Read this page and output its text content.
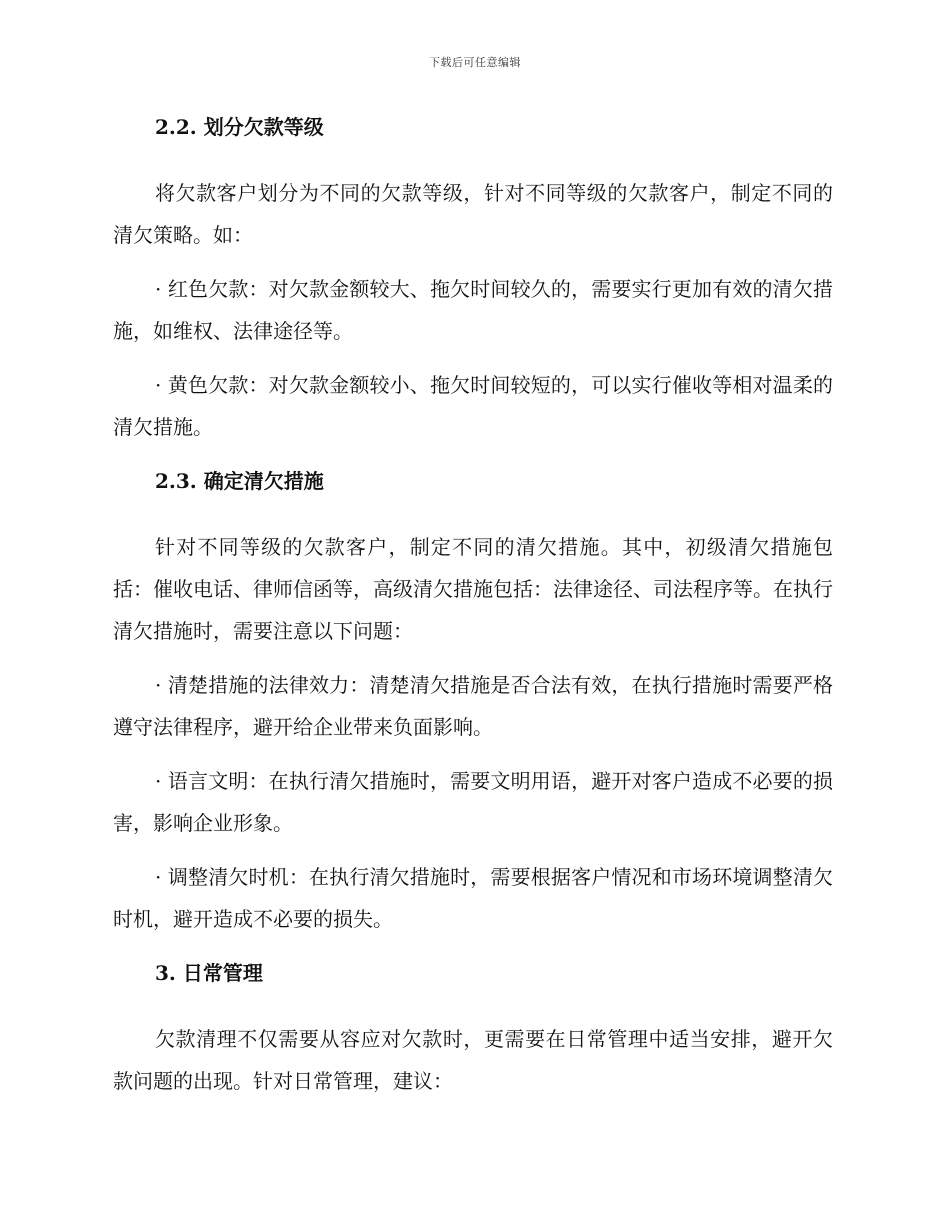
下载后可任意编辑
2.2. 划分欠款等级

将欠款客户划分为不同的欠款等级，针对不同等级的欠款客户，制定不同的清欠策略。如：

· 红色欠款：对欠款金额较大、拖欠时间较久的，需要实行更加有效的清欠措施，如维权、法律途径等。

· 黄色欠款：对欠款金额较小、拖欠时间较短的，可以实行催收等相对温柔的清欠措施。

2.3. 确定清欠措施

针对不同等级的欠款客户，制定不同的清欠措施。其中，初级清欠措施包括：催收电话、律师信函等，高级清欠措施包括：法律途径、司法程序等。在执行清欠措施时，需要注意以下问题：

· 清楚措施的法律效力：清楚清欠措施是否合法有效，在执行措施时需要严格遵守法律程序，避开给企业带来负面影响。

· 语言文明：在执行清欠措施时，需要文明用语，避开对客户造成不必要的损害，影响企业形象。

· 调整清欠时机：在执行清欠措施时，需要根据客户情况和市场环境调整清欠时机，避开造成不必要的损失。

3. 日常管理

欠款清理不仅需要从容应对欠款时，更需要在日常管理中适当安排，避开欠款问题的出现。针对日常管理，建议：
